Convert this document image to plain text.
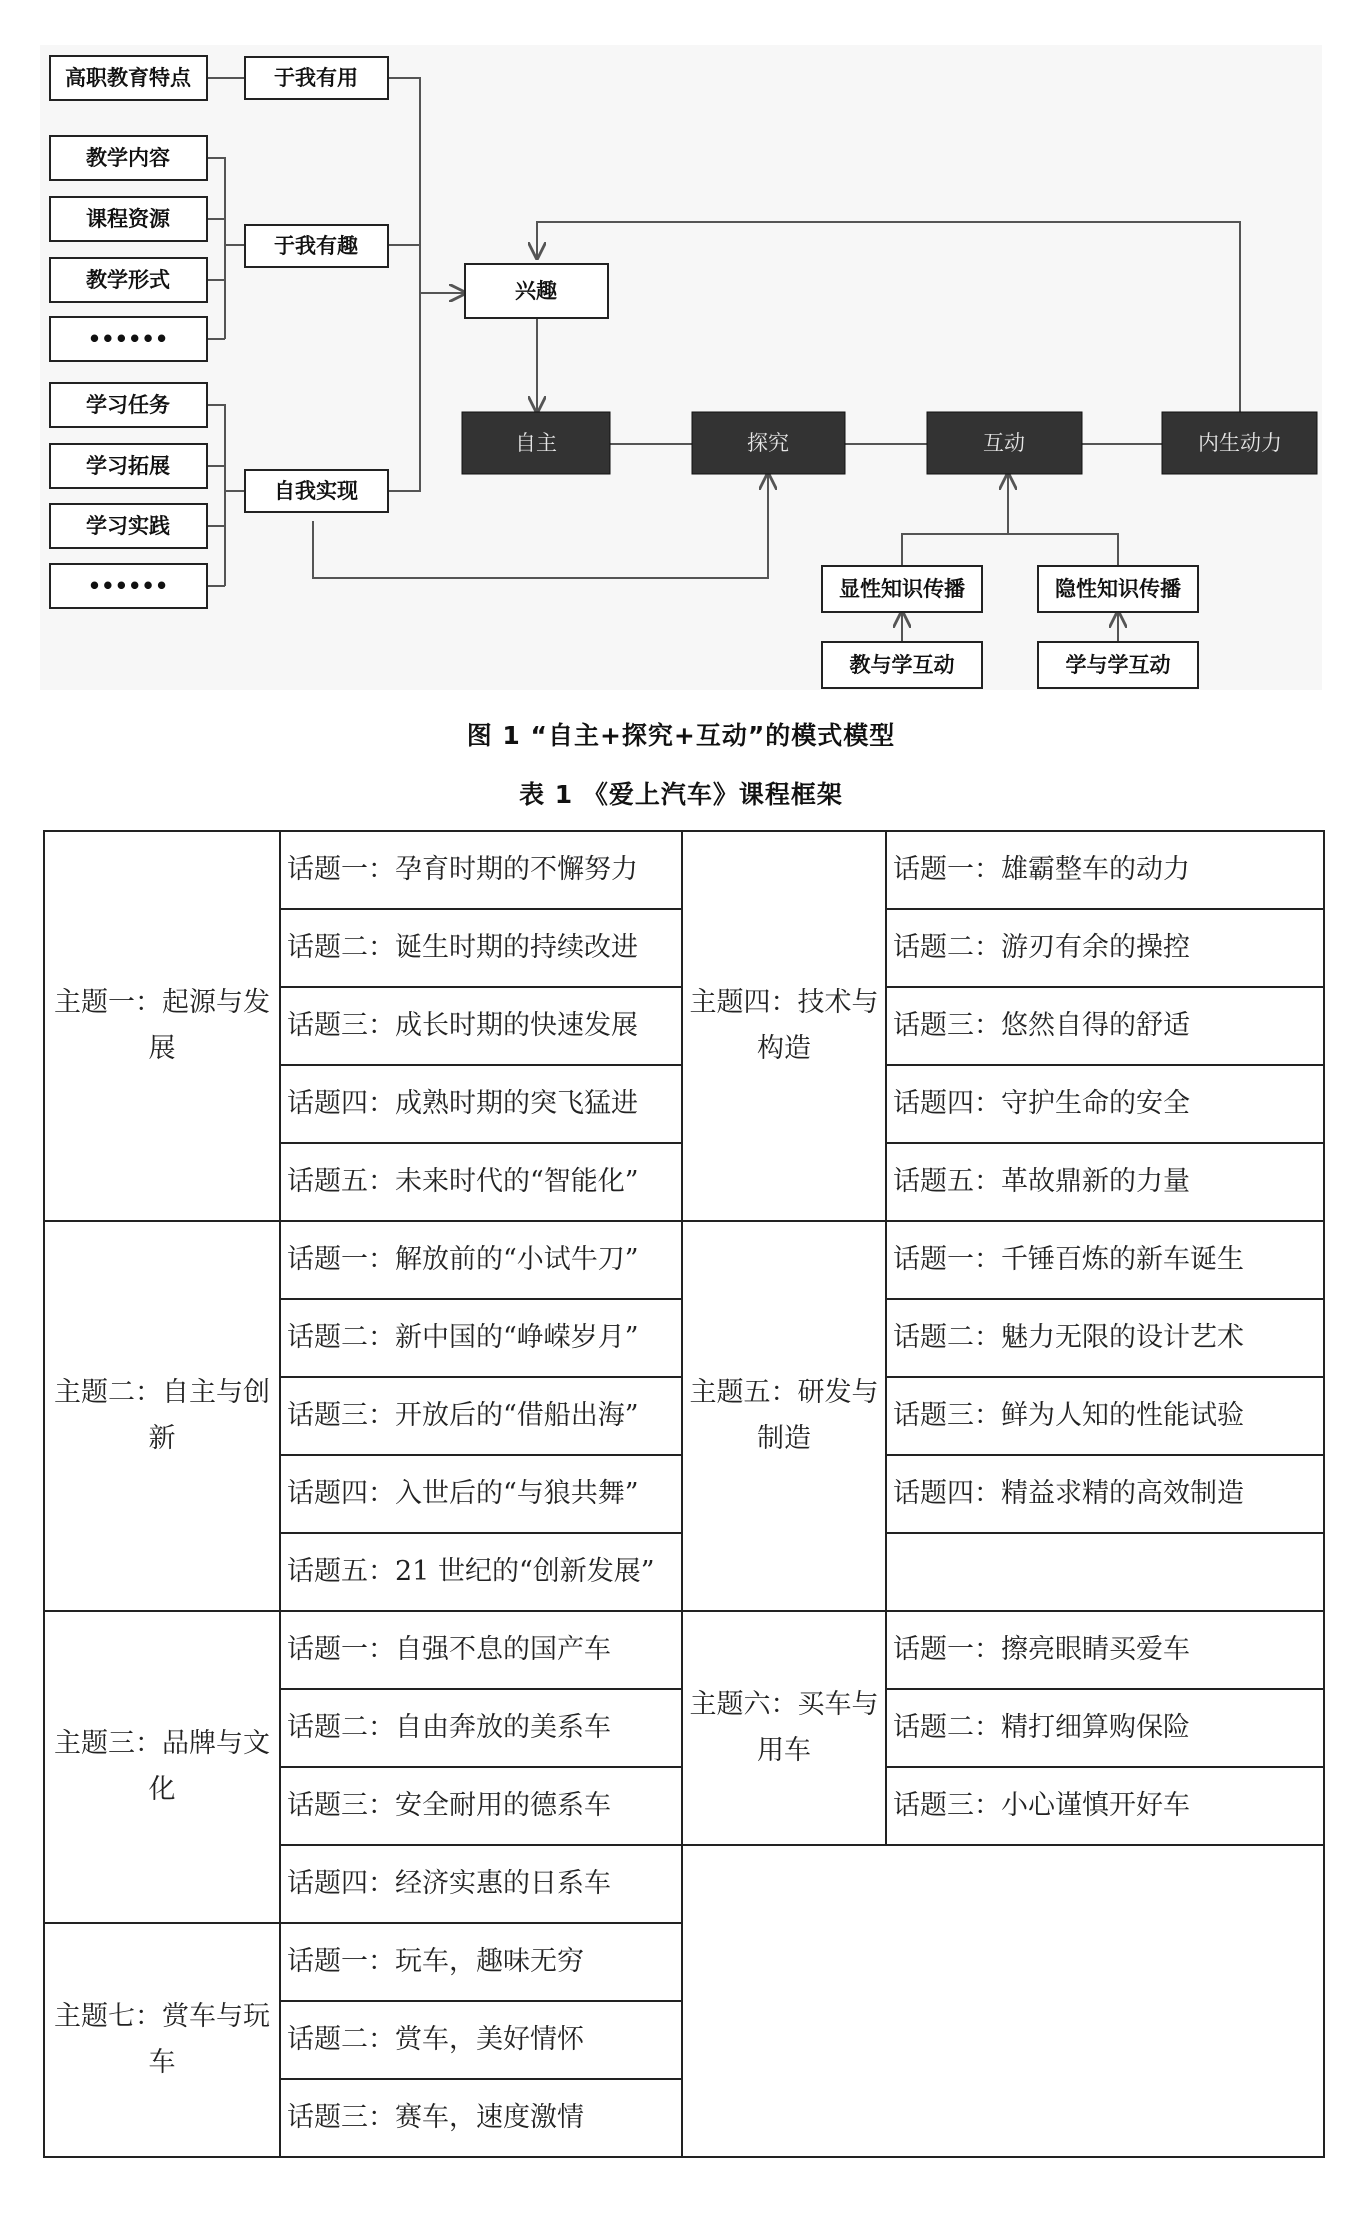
高职教育特点
教学内容
课程资源
教学形式
••••••
学习任务
学习拓展
学习实践
••••••
于我有用
于我有趣
自我实现
兴趣
自主	探究	互动	内生动力
显性知识传播	隐性知识传播
教与学互动	学与学互动
图 1 “自主+探究+互动”的模式模型
表 1 《爱上汽车》课程框架
主题一：起源与发展	话题一：孕育时期的不懈努力	主题四：技术与构造	话题一：雄霸整车的动力
	话题二：诞生时期的持续改进		话题二：游刃有余的操控
	话题三：成长时期的快速发展		话题三：悠然自得的舒适
	话题四：成熟时期的突飞猛进		话题四：守护生命的安全
	话题五：未来时代的“智能化”		话题五：革故鼎新的力量
主题二：自主与创新	话题一：解放前的“小试牛刀”	主题五：研发与制造	话题一：千锤百炼的新车诞生
	话题二：新中国的“峥嵘岁月”		话题二：魅力无限的设计艺术
	话题三：开放后的“借船出海”		话题三：鲜为人知的性能试验
	话题四：入世后的“与狼共舞”		话题四：精益求精的高效制造
	话题五：21 世纪的“创新发展”		
主题三：品牌与文化	话题一：自强不息的国产车	主题六：买车与用车	话题一：擦亮眼睛买爱车
	话题二：自由奔放的美系车		话题二：精打细算购保险
	话题三：安全耐用的德系车		话题三：小心谨慎开好车
	话题四：经济实惠的日系车		
主题七：赏车与玩车	话题一：玩车，趣味无穷		
	话题二：赏车，美好情怀		
	话题三：赛车，速度激情		
